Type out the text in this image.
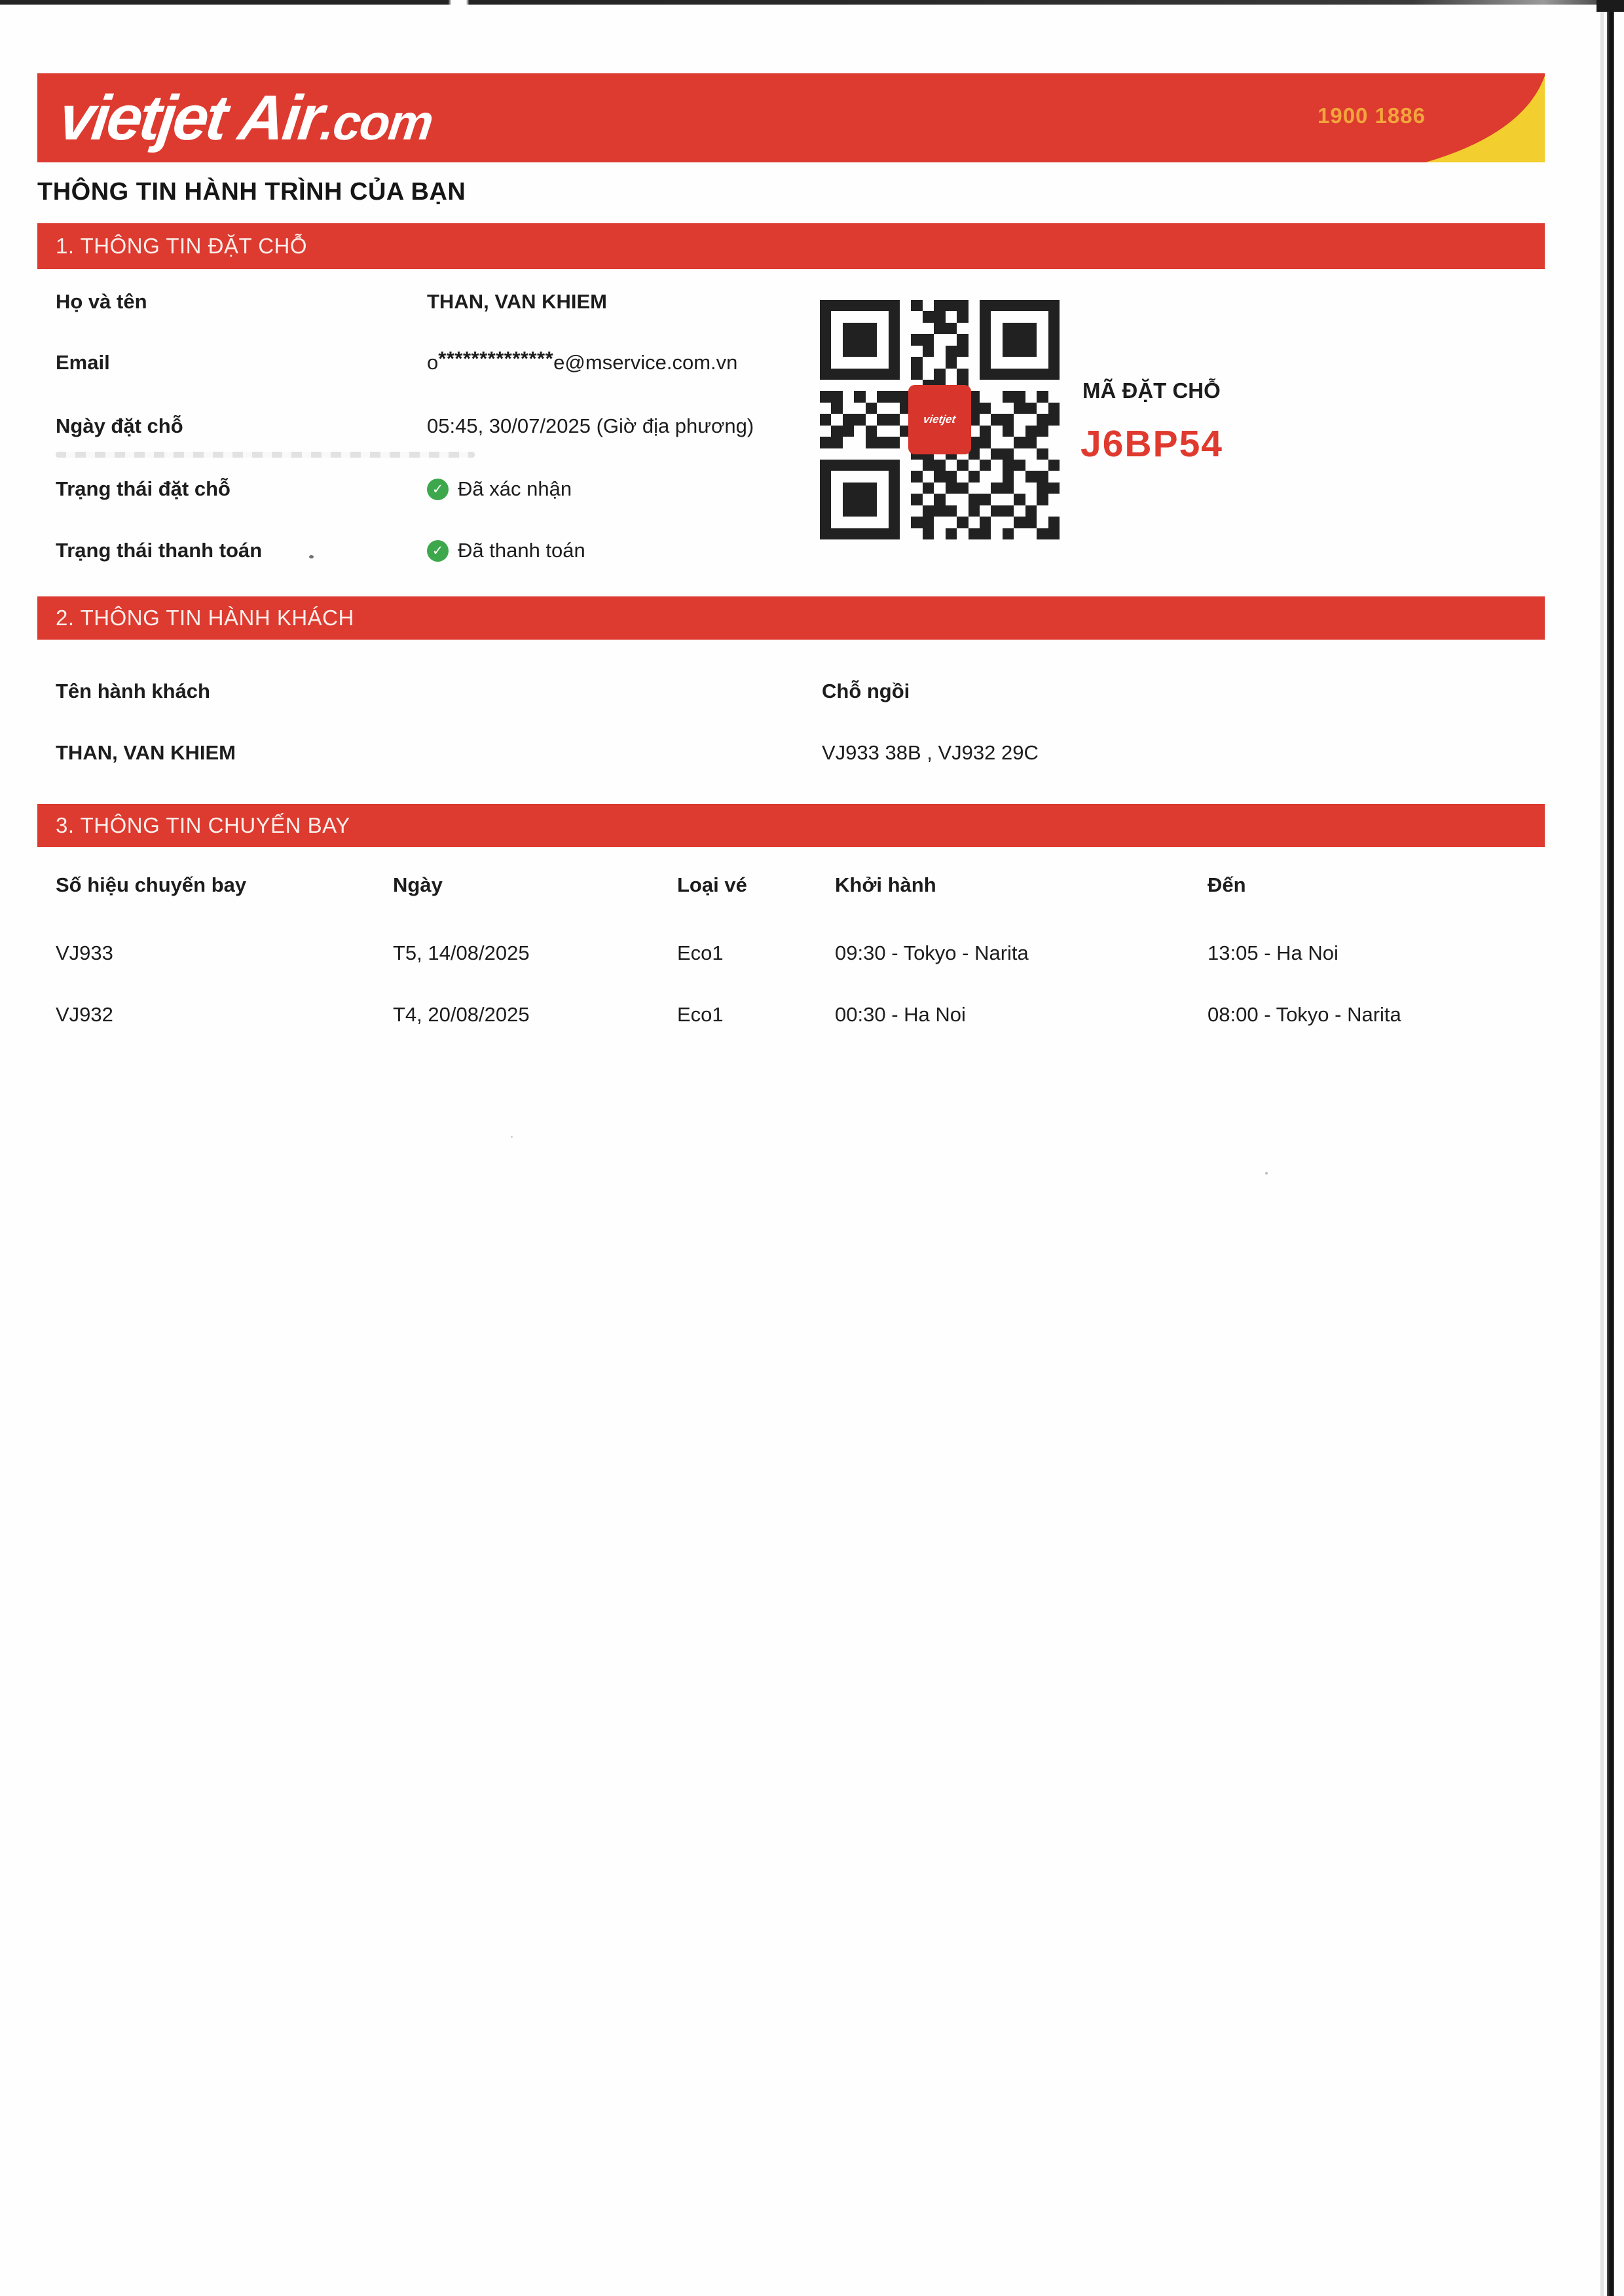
vietjet Air
.com	1900 1886
THÔNG TIN HÀNH TRÌNH CỦA BẠN
1. THÔNG TIN ĐẶT CHỖ
Họ và tên	THAN, VAN KHIEM
Email	o**************e@mservice.com.vn
Ngày đặt chỗ	05:45, 30/07/2025 (Giờ địa phương)
Trạng thái đặt chỗ	✓ Đã xác nhận
Trạng thái thanh toán	✓ Đã thanh toán
vietjet
MÃ ĐẶT CHỖ
J6BP54
2. THÔNG TIN HÀNH KHÁCH
Tên hành khách	Chỗ ngồi
THAN, VAN KHIEM	VJ933 38B , VJ932 29C
3. THÔNG TIN CHUYẾN BAY
Số hiệu chuyến bay	Ngày	Loại vé	Khởi hành	Đến
VJ933	T5, 14/08/2025	Eco1	09:30 - Tokyo - Narita	13:05 - Ha Noi
VJ932	T4, 20/08/2025	Eco1	00:30 - Ha Noi	08:00 - Tokyo - Narita
